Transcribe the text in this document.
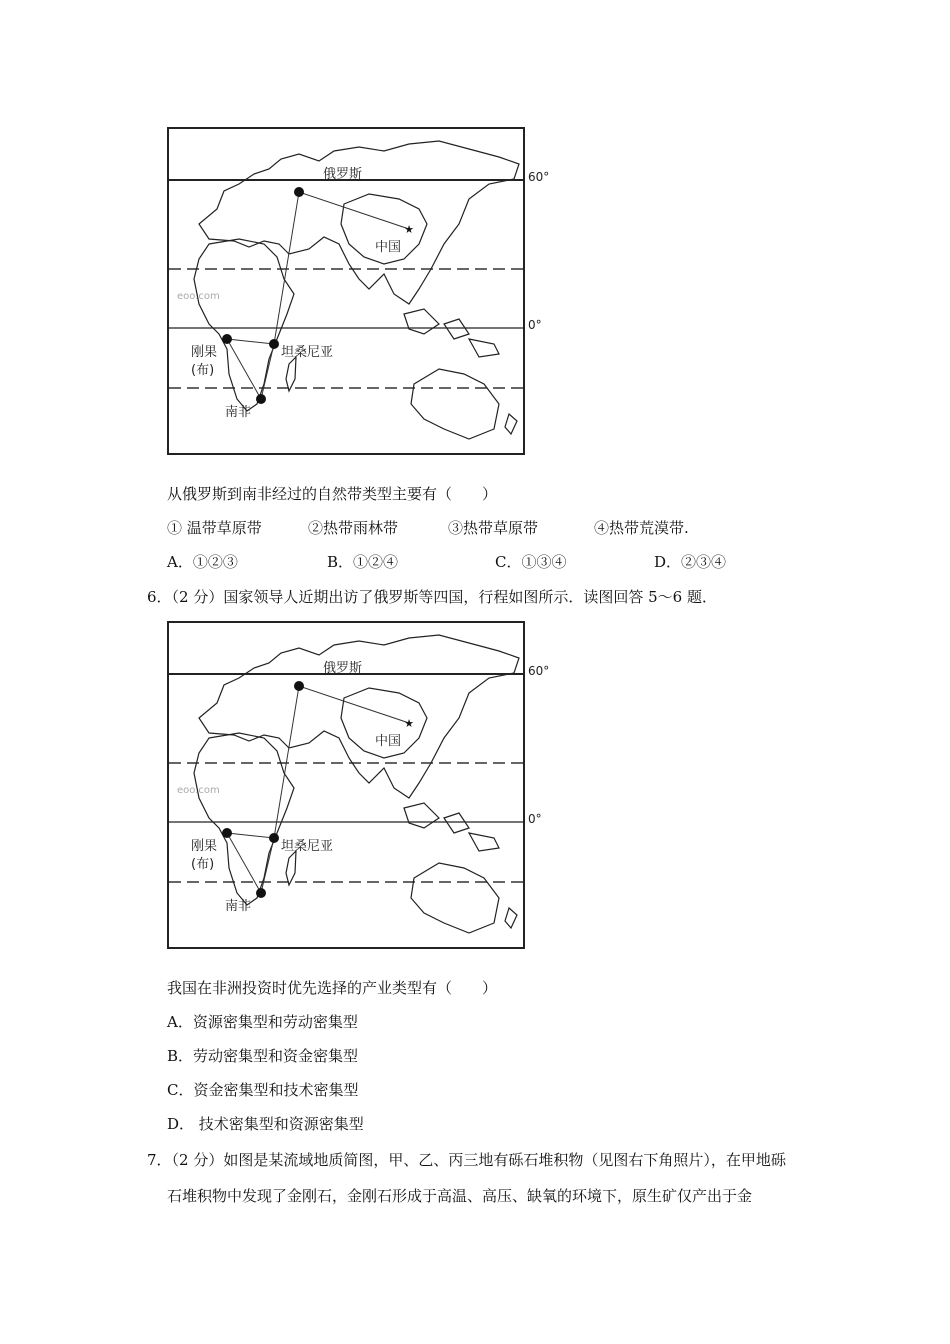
★
俄罗斯
中国
刚果
(布)
坦桑尼亚
南非
eoo.com
60°
0°
从俄罗斯到南非经过的自然带类型主要有（　　）
① 温带草原带	②热带雨林带	③热带草原带	④热带荒漠带.
A．①②③	B．①②④	C．①③④	D．②③④
6．（2 分）国家领导人近期出访了俄罗斯等四国，行程如图所示．读图回答 5～6 题．
★
俄罗斯
中国
刚果
(布)
坦桑尼亚
南非
eoo.com
60°
0°
我国在非洲投资时优先选择的产业类型有（　　）
A．资源密集型和劳动密集型
B．劳动密集型和资金密集型
C．资金密集型和技术密集型
D． 技术密集型和资源密集型
7．（2 分）如图是某流域地质简图，甲、乙、丙三地有砾石堆积物（见图右下角照片），在甲地砾
石堆积物中发现了金刚石，金刚石形成于高温、高压、缺氧的环境下，原生矿仅产出于金
